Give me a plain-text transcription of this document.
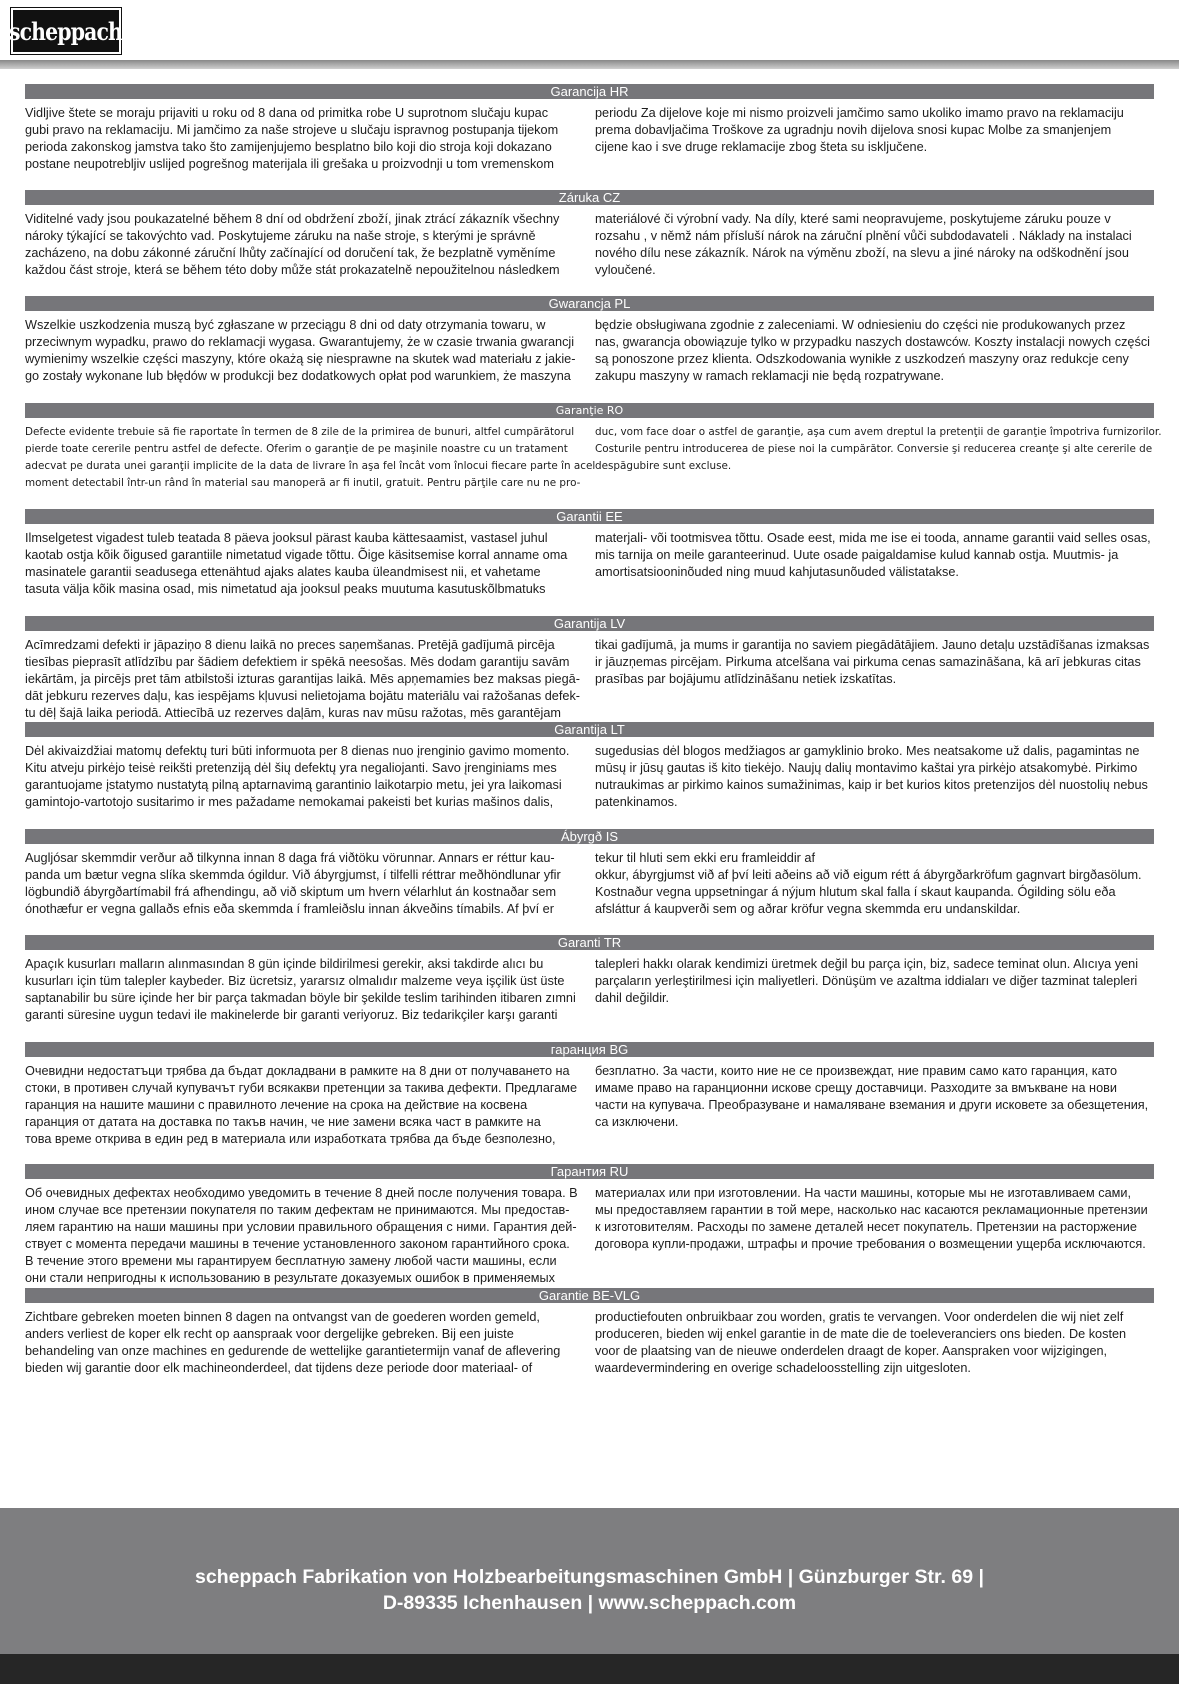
scheppach
Garancija HR
Vidljive štete se moraju prijaviti u roku od 8 dana od primitka robe U suprotnom slučaju kupac
gubi pravo na reklamaciju. Mi jamčimo za naše strojeve u slučaju ispravnog postupanja tijekom
perioda zakonskog jamstva tako što zamijenjujemo besplatno bilo koji dio stroja koji dokazano
postane neupotrebljiv uslijed pogrešnog materijala ili grešaka u proizvodnji u tom vremenskom
periodu Za dijelove koje mi nismo proizveli jamčimo samo ukoliko imamo pravo na reklamaciju
prema dobavljačima Troškove za ugradnju novih dijelova snosi kupac Molbe za smanjenjem
cijene kao i sve druge reklamacije zbog šteta su isključene.
Záruka CZ
Viditelné vady jsou poukazatelné během 8 dní od obdržení zboží, jinak ztrácí zákazník všechny
nároky týkající se takovýchto vad. Poskytujeme záruku na naše stroje, s kterými je správně
zacházeno, na dobu zákonné záruční lhůty začínající od doručení tak, že bezplatně vyměníme
každou část stroje, která se během této doby může stát prokazatelně nepoužitelnou následkem
materiálové či výrobní vady. Na díly, které sami neopravujeme, poskytujeme záruku pouze v
rozsahu , v němž nám přísluší nárok na záruční plnění vůči subdodavateli . Náklady na instalaci
nového dílu nese zákazník. Nárok na výměnu zboží, na slevu a jiné nároky na odškodnění jsou
vyloučené.
Gwarancja PL
Wszelkie uszkodzenia muszą być zgłaszane w przeciągu 8 dni od daty otrzymania towaru, w
przeciwnym wypadku, prawo do reklamacji wygasa. Gwarantujemy, że w czasie trwania gwarancji
wymienimy wszelkie części maszyny, które okażą się niesprawne na skutek wad materiału z jakie-
go zostały wykonane lub błędów w produkcji bez dodatkowych opłat pod warunkiem, że maszyna
będzie obsługiwana zgodnie z zaleceniami. W odniesieniu do części nie produkowanych przez
nas, gwarancja obowiązuje tylko w przypadku naszych dostawców. Koszty instalacji nowych części
są ponoszone przez klienta. Odszkodowania wynikłe z uszkodzeń maszyny oraz redukcje ceny
zakupu maszyny w ramach reklamacji nie będą rozpatrywane.
Garanţie RO
Defecte evidente trebuie să fie raportate în termen de 8 zile de la primirea de bunuri, altfel cumpărătorul
pierde toate cererile pentru astfel de defecte. Oferim o garanţie de pe maşinile noastre cu un tratament
adecvat pe durata unei garanţii implicite de la data de livrare în aşa fel încât vom înlocui fiecare parte în acel
moment detectabil într-un rând în material sau manoperă ar fi inutil, gratuit. Pentru părţile care nu ne pro-
duc, vom face doar o astfel de garanţie, aşa cum avem dreptul la pretenţii de garanţie împotriva furnizorilor.
Costurile pentru introducerea de piese noi la cumpărător. Conversie şi reducerea creanţe şi alte cererile de
despăgubire sunt excluse.
Garantii EE
Ilmselgetest vigadest tuleb teatada 8 päeva jooksul pärast kauba kättesaamist, vastasel juhul
kaotab ostja kõik õigused garantiile nimetatud vigade tõttu. Õige käsitsemise korral anname oma
masinatele garantii seadusega ettenähtud ajaks alates kauba üleandmisest nii, et vahetame
tasuta välja kõik masina osad, mis nimetatud aja jooksul peaks muutuma kasutuskõlbmatuks
materjali- või tootmisvea tõttu. Osade eest, mida me ise ei tooda, anname garantii vaid selles osas,
mis tarnija on meile garanteerinud. Uute osade paigaldamise kulud kannab ostja. Muutmis- ja
amortisatsiooninõuded ning muud kahjutasunõuded välistatakse.
Garantija LV
Acīmredzami defekti ir jāpaziņo 8 dienu laikā no preces saņemšanas. Pretējā gadījumā pircēja
tiesības pieprasīt atlīdzību par šādiem defektiem ir spēkā neesošas. Mēs dodam garantiju savām
iekārtām, ja pircējs pret tām atbilstoši izturas garantijas laikā. Mēs apņemamies bez maksas piegā-
dāt jebkuru rezerves daļu, kas iespējams kļuvusi nelietojama bojātu materiālu vai ražošanas defek-
tu dēļ šajā laika periodā. Attiecībā uz rezerves daļām, kuras nav mūsu ražotas, mēs garantējam
tikai gadījumā, ja mums ir garantija no saviem piegādātājiem. Jauno detaļu uzstādīšanas izmaksas
ir jāuzņemas pircējam. Pirkuma atcelšana vai pirkuma cenas samazināšana, kā arī jebkuras citas
prasības par bojājumu atlīdzināšanu netiek izskatītas.
Garantija LT
Dėl akivaizdžiai matomų defektų turi būti informuota per 8 dienas nuo įrenginio gavimo momento.
Kitu atveju pirkėjo teisė reikšti pretenziją dėl šių defektų yra negaliojanti. Savo įrenginiams mes
garantuojame įstatymo nustatytą pilną aptarnavimą garantinio laikotarpio metu, jei yra laikomasi
gamintojo-vartotojo susitarimo ir mes pažadame nemokamai pakeisti bet kurias mašinos dalis,
sugedusias dėl blogos medžiagos ar gamyklinio broko. Mes neatsakome už dalis, pagamintas ne
mūsų ir jūsų gautas iš kito tiekėjo. Naujų dalių montavimo kaštai yra pirkėjo atsakomybė. Pirkimo
nutraukimas ar pirkimo kainos sumažinimas, kaip ir bet kurios kitos pretenzijos dėl nuostolių nebus
patenkinamos.
Ábyrgð IS
Augljósar skemmdir verður að tilkynna innan 8 daga frá viðtöku vörunnar. Annars er réttur kau-
panda um bætur vegna slíka skemmda ógildur. Við ábyrgjumst, í tilfelli réttrar meðhöndlunar yfir
lögbundið ábyrgðartímabil frá afhendingu, að við skiptum um hvern vélarhlut án kostnaðar sem
ónothæfur er vegna gallaðs efnis eða skemmda í framleiðslu innan ákveðins tímabils. Af því er
tekur til hluti sem ekki eru framleiddir af
okkur, ábyrgjumst við af því leiti aðeins að við eigum rétt á ábyrgðarkröfum gagnvart birgðasölum.
Kostnaður vegna uppsetningar á nýjum hlutum skal falla í skaut kaupanda. Ógilding sölu eða
afsláttur á kaupverði sem og aðrar kröfur vegna skemmda eru undanskildar.
Garanti TR
Apaçık kusurları malların alınmasından 8 gün içinde bildirilmesi gerekir, aksi takdirde alıcı bu
kusurları için tüm talepler kaybeder. Biz ücretsiz, yararsız olmalıdır malzeme veya işçilik üst üste
saptanabilir bu süre içinde her bir parça takmadan böyle bir şekilde teslim tarihinden itibaren zımni
garanti süresine uygun tedavi ile makinelerde bir garanti veriyoruz. Biz tedarikçiler karşı garanti
talepleri hakkı olarak kendimizi üretmek değil bu parça için, biz, sadece teminat olun. Alıcıya yeni
parçaların yerleştirilmesi için maliyetleri. Dönüşüm ve azaltma iddiaları ve diğer tazminat talepleri
dahil değildir.
гаранция BG
Очевидни недостатъци трябва да бъдат докладвани в рамките на 8 дни от получаването на
стоки, в противен случай купувачът губи всякакви претенции за такива дефекти. Предлагаме
гаранция на нашите машини с правилното лечение на срока на действие на косвена
гаранция от датата на доставка по такъв начин, че ние замени всяка част в рамките на
това време открива в един ред в материала или изработката трябва да бъде безполезно,
безплатно. За части, които ние не се произвеждат, ние правим само като гаранция, като
имаме право на гаранционни искове срещу доставчици. Разходите за вмъкване на нови
части на купувача. Преобразуване и намаляване вземания и други исковете за обезщетения,
са изключени.
Гарантия RU
Об очевидных дефектах необходимо уведомить в течение 8 дней после получения товара. В
ином случае все претензии покупателя по таким дефектам не принимаются. Мы предостав-
ляем гарантию на наши машины при условии правильного обращения с ними. Гарантия дей-
ствует с момента передачи машины в течение установленного законом гарантийного срока.
В течение этого времени мы гарантируем бесплатную замену любой части машины, если
они стали непригодны к использованию в результате доказуемых ошибок в применяемых
материалах или при изготовлении. На части машины, которые мы не изготавливаем сами,
мы предоставляем гарантии в той мере, насколько нас касаются рекламационные претензии
к изготовителям. Расходы по замене деталей несет покупатель. Претензии на расторжение
договора купли-продажи, штрафы и прочие требования о возмещении ущерба исключаются.
Garantie BE-VLG
Zichtbare gebreken moeten binnen 8 dagen na ontvangst van de goederen worden gemeld,
anders verliest de koper elk recht op aanspraak voor dergelijke gebreken. Bij een juiste
behandeling van onze machines en gedurende de wettelijke garantietermijn vanaf de aflevering
bieden wij garantie door elk machineonderdeel, dat tijdens deze periode door materiaal- of
productiefouten onbruikbaar zou worden, gratis te vervangen. Voor onderdelen die wij niet zelf
produceren, bieden wij enkel garantie in de mate die de toeleveranciers ons bieden. De kosten
voor de plaatsing van de nieuwe onderdelen draagt de koper. Aanspraken voor wijzigingen,
waardevermindering en overige schadeloosstelling zijn uitgesloten.
scheppach Fabrikation von Holzbearbeitungsmaschinen GmbH | Günzburger Str. 69 |
D-89335 Ichenhausen | www.scheppach.com
